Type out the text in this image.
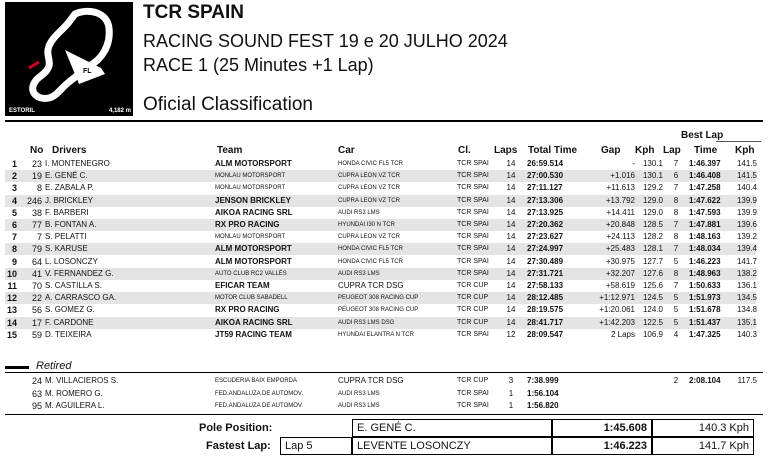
ESTORIL	4,182 m
FL
TCR SPAIN
RACING SOUND FEST 19 e 20 JULHO 2024
RACE 1 (25 Minutes +1 Lap)
Oficial Classification
Best Lap
No Drivers	Team	Car	Cl. Laps Total Time Gap Kph Lap Time Kph
1	23 I. MONTENEGRO	ALM MOTORSPORT	HONDA CIVIC FL5 TCR	TCR SPAI	14	26:59.514	- 130.1	7	1:46.397	141.5
2	19 E. GENÉ C.	MONLAU MOTORSPORT	CUPRA LEON VZ TCR	TCR SPAI	14	27:00.530	+1.016 130.1	6	1:46.408	141.5
3	8 E. ZABALA P.	MONLAU MOTORSPORT	CUPRA LEON VZ TCR	TCR SPAI	14	27:11.127	+11.613 129.2	7	1:47.258	140.4
4	246 J. BRICKLEY	JENSON BRICKLEY	CUPRA LEON VZ TCR	TCR SPAI	14	27:13.306	+13.792 129.0	8	1:47.622	139.9
5	38 F. BARBERI	AIKOA RACING SRL	AUDI RS3 LMS	TCR SPAI	14	27:13.925	+14.411 129.0	8	1:47.593	139.9
6	77 B. FONTAN A.	RX PRO RACING	HYUNDAI I30 N TCR	TCR SPAI	14	27:20.362	+20.848 128.5	7	1:47.881	139.6
7	7 S. PELATTI	MONLAU MOTORSPORT	CUPRA LEON VZ TCR	TCR SPAI	14	27:23.627	+24.113 128.2	8	1:48.163	139.2
8	79 S. KARUSE	ALM MOTORSPORT	HONDA CIVIC FL5 TCR	TCR SPAI	14	27:24.997	+25.483 128.1	7	1:48.034	139.4
9	64 L. LOSONCZY	ALM MOTORSPORT	HONDA CIVIC FL5 TCR	TCR SPAI	14	27:30.489	+30.975 127.7	5	1:46.223	141.7
10	41 V. FERNANDEZ G.	AUTO CLUB RC2 VALLÉS	AUDI RS3 LMS	TCR SPAI	14	27:31.721	+32.207 127.6	8	1:48.963	138.2
11	70 S. CASTILLA S.	EFICAR TEAM	CUPRA TCR DSG	TCR CUP	14	27:58.133	+58.619 125.6	7	1:50.633	136.1
12	22 A. CARRASCO GA.	MOTOR CLUB SABADELL	PEUGEOT 308 RACING CUP	TCR CUP	14	28:12.485	+1:12.971 124.5	5	1:51.973	134.5
13	56 S. GOMEZ G.	RX PRO RACING	PEUGEOT 308 RACING CUP	TCR CUP	14	28:19.575	+1:20.061 124.0	5	1:51.678	134.8
14	17 F. CARDONE	AIKOA RACING SRL	AUDI RS3 LMS DSG	TCR CUP	14	28:41.717	+1:42.203 122.5	5	1:51.437	135.1
15	59 D. TEIXEIRA	JT59 RACING TEAM	HYUNDAI ELANTRA N TCR	TCR SPAI	12	28:09.547	2 Laps 106.9	4	1:47.325	140.3
Retired
24 M. VILLACIEROS S.	ESCUDERIA BAIX EMPORDA	CUPRA TCR DSG	TCR CUP	3	7:38.999	2	2:08.104	117.5
63 M. ROMERO G.	FED.ANDALUZA DE AUTOMOV.	AUDI RS3 LMS	TCR SPAI	1	1:56.104
95 M. AGUILERA L.	FED.ANDALUZA DE AUTOMOV.	AUDI RS3 LMS	TCR SPAI	1	1:56.820
Pole Position:	E. GENÉ C.	1:45.608	140.3 Kph
Fastest Lap:	Lap 5	LEVENTE LOSONCZY	1:46.223	141.7 Kph
